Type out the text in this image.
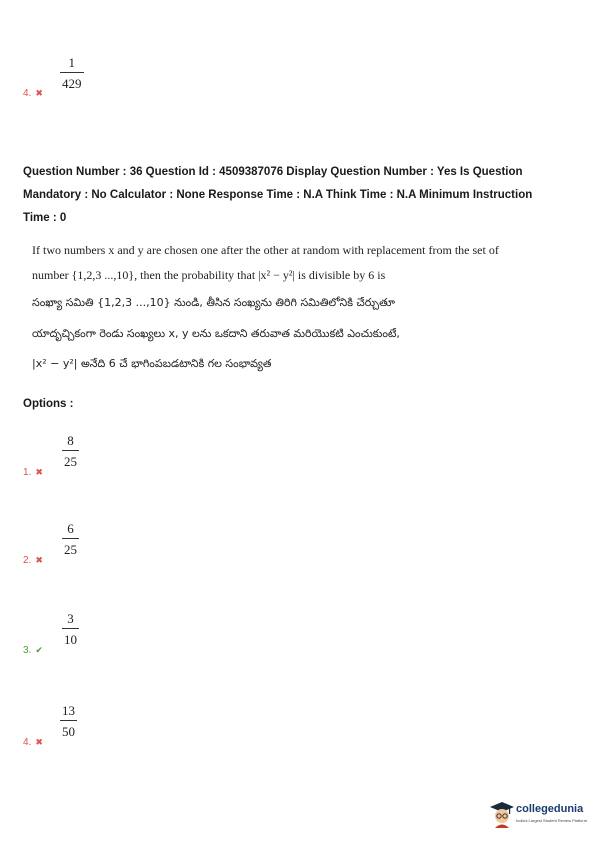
1
429
4. ✖
Question Number : 36 Question Id : 4509387076 Display Question Number : Yes Is Question
Mandatory : No Calculator : None Response Time : N.A Think Time : N.A Minimum Instruction
Time : 0
If two numbers x and y are chosen one after the other at random with replacement from the set of
number {1,2,3 ...,10}, then the probability that |x² − y²| is divisible by 6 is
సంఖ్యా సమితి {1,2,3 ...,10} నుండి, తీసిన సంఖ్యను తిరిగి సమితిలోనికి చేర్చుతూ
యాదృచ్చికంగా రెండు సంఖ్యలు x, y లను ఒకదాని తరువాత మరియొకటి ఎంచుకుంటే,
|x² − y²| అనేది 6 చే భాగింపబడటానికి గల సంభావ్యత
Options :
8
25
1. ✖
6
25
2. ✖
3
10
3. ✔
13
50
4. ✖
collegedunia
India's Largest Student Review Platform
